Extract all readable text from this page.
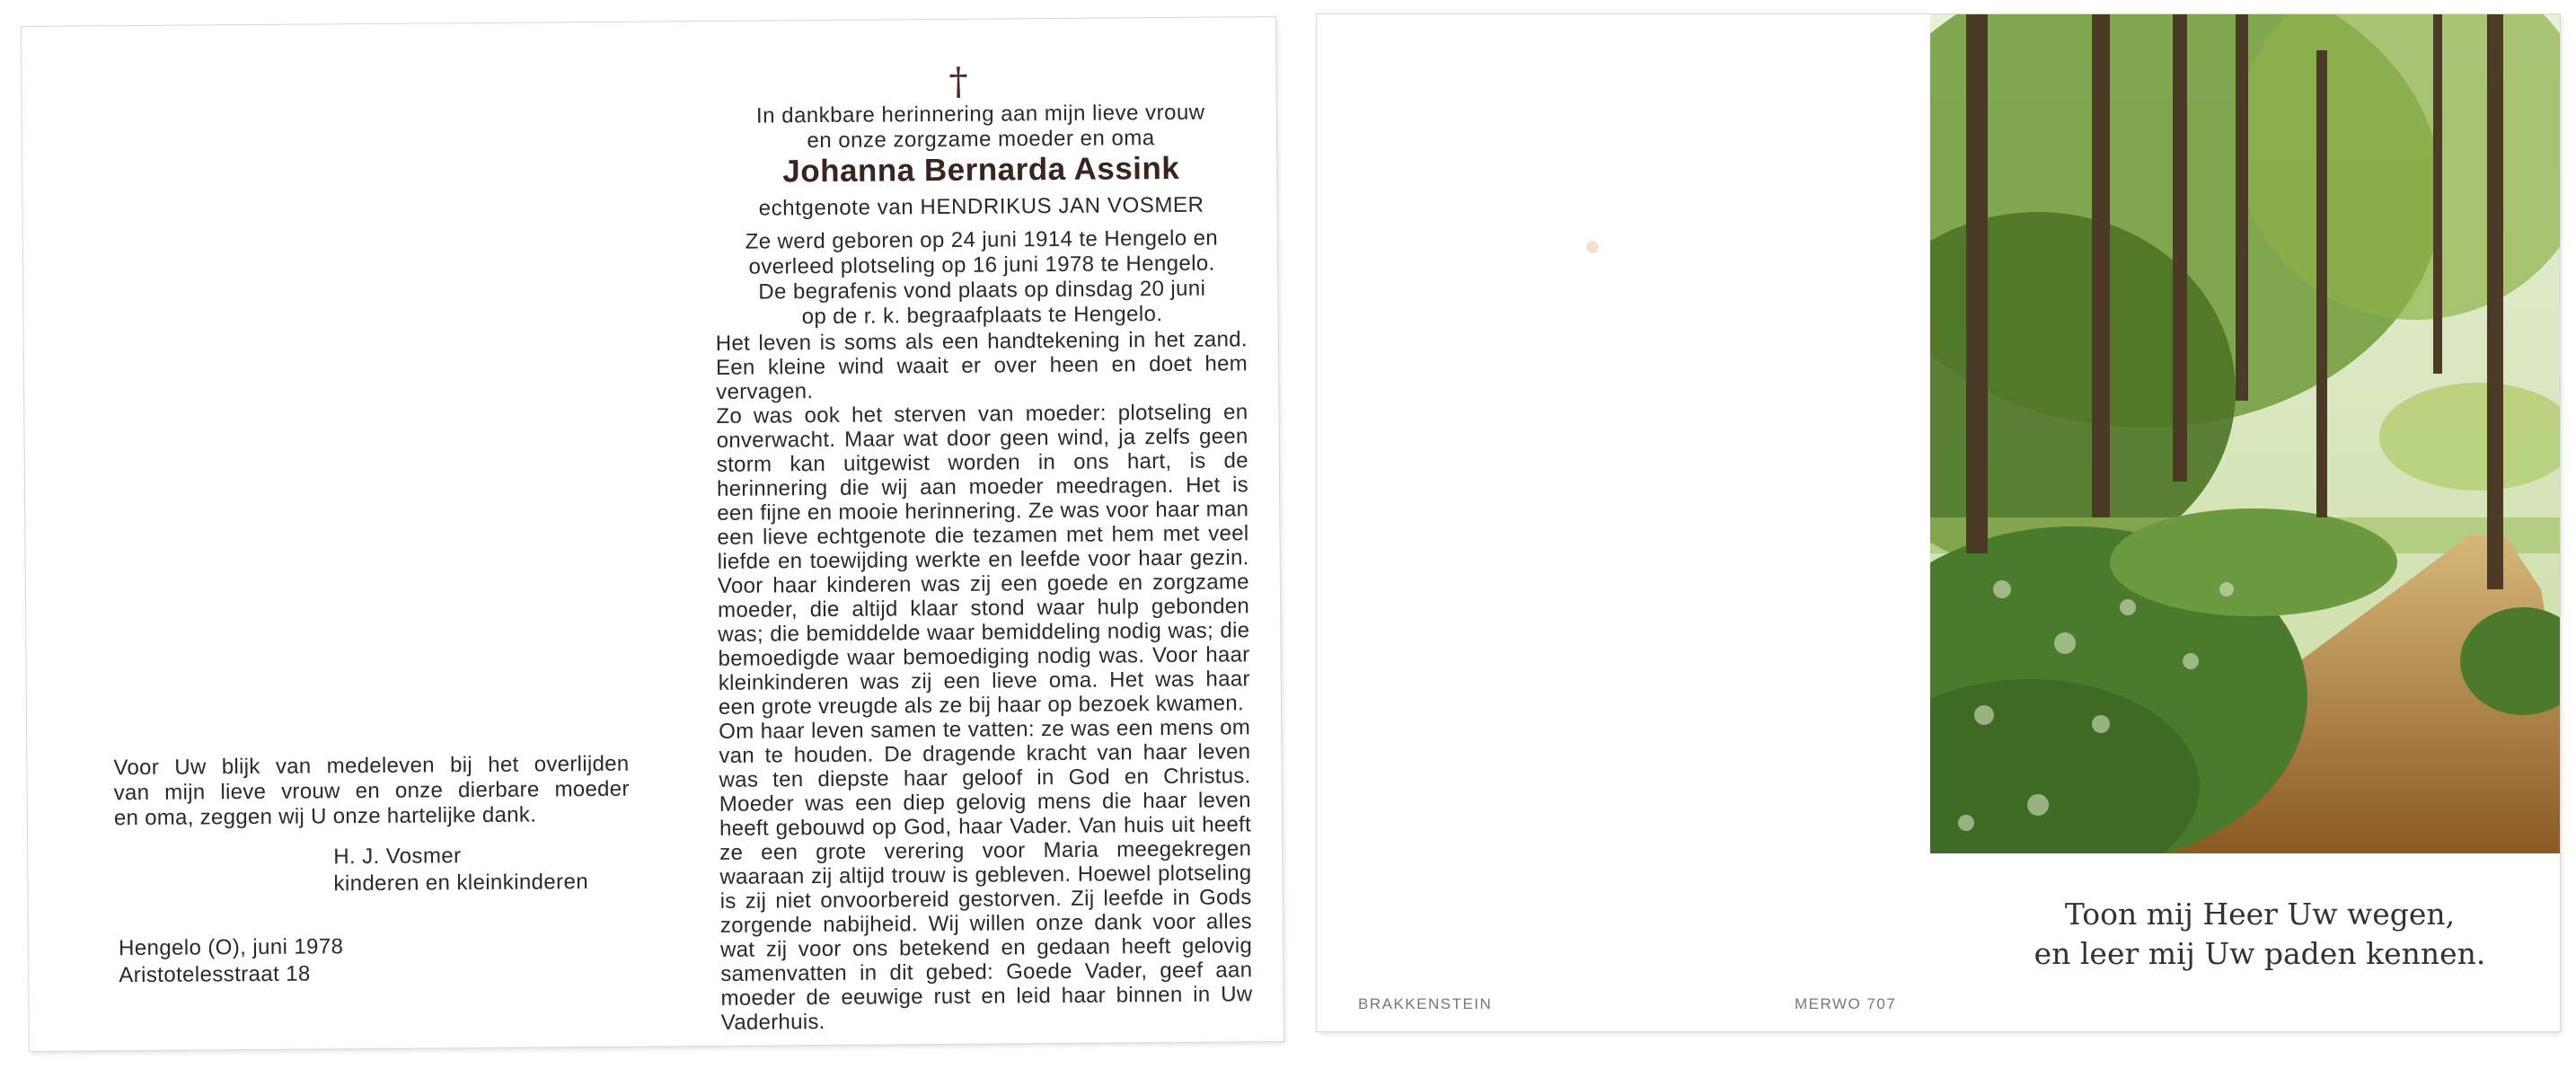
†
In dankbare herinnering aan mijn lieve vrouw
en onze zorgzame moeder en oma
Johanna Bernarda Assink
echtgenote van HENDRIKUS JAN VOSMER
Ze werd geboren op 24 juni 1914 te Hengelo en
overleed plotseling op 16 juni 1978 te Hengelo.
De begrafenis vond plaats op dinsdag 20 juni
op de r. k. begraafplaats te Hengelo.

Het leven is soms als een handtekening in het zand. Een kleine wind waait er over heen en doet hem vervagen.

Zo was ook het sterven van moeder: plotseling en onverwacht. Maar wat door geen wind, ja zelfs geen storm kan uitgewist worden in ons hart, is de herinnering die wij aan moeder meedragen. Het is een fijne en mooie herinnering. Ze was voor haar man een lieve echtgenote die tezamen met hem met veel liefde en toewijding werkte en leefde voor haar gezin. Voor haar kinderen was zij een goede en zorgzame moeder, die altijd klaar stond waar hulp gebonden was; die bemiddelde waar bemiddeling nodig was; die bemoedigde waar bemoediging nodig was. Voor haar kleinkinderen was zij een lieve oma. Het was haar een grote vreugde als ze bij haar op bezoek kwamen.

Om haar leven samen te vatten: ze was een mens om van te houden. De dragende kracht van haar leven was ten diepste haar geloof in God en Christus. Moeder was een diep gelovig mens die haar leven heeft gebouwd op God, haar Vader. Van huis uit heeft ze een grote verering voor Maria meegekregen waaraan zij altijd trouw is gebleven. Hoewel plotseling is zij niet onvoorbereid gestorven. Zij leefde in Gods zorgende nabijheid. Wij willen onze dank voor alles wat zij voor ons betekend en gedaan heeft gelovig samenvatten in dit gebed: Goede Vader, geef aan moeder de eeuwige rust en leid haar binnen in Uw Vaderhuis.

Voor Uw blijk van medeleven bij het overlijden
van mijn lieve vrouw en onze dierbare moeder
en oma, zeggen wij U onze hartelijke dank.
H. J. Vosmer
kinderen en kleinkinderen
Hengelo (O), juni 1978
Aristotelesstraat 18
Toon mij Heer Uw wegen,
en leer mij Uw paden kennen.
BRAKKENSTEIN	MERWO 707
